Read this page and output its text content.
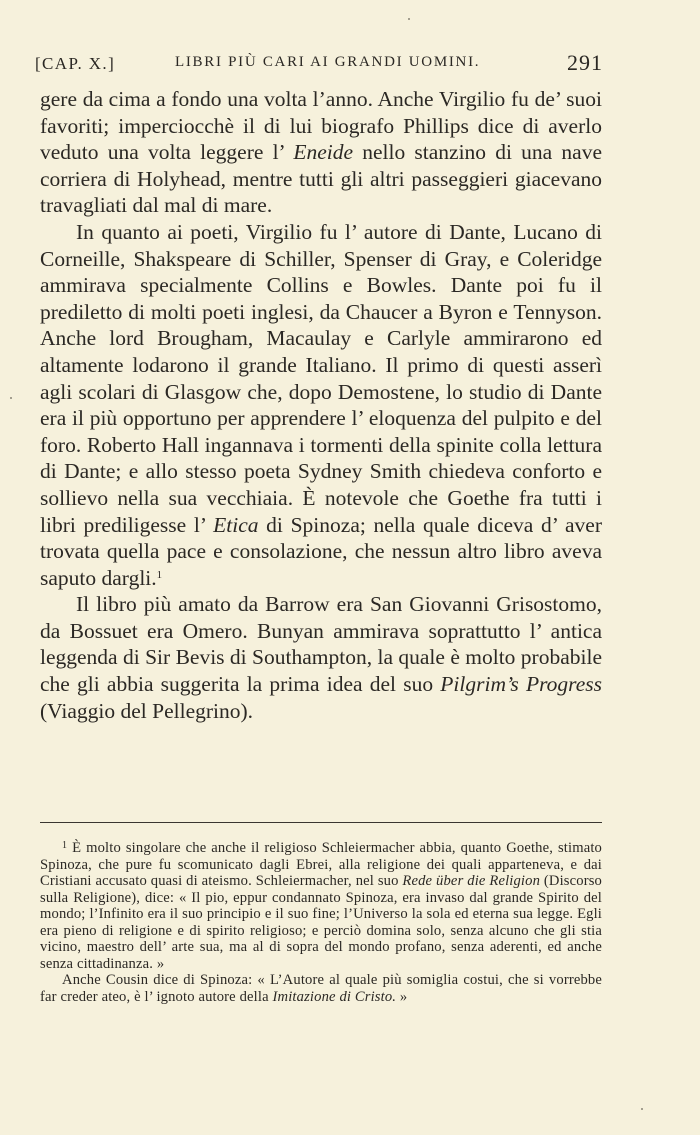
[CAP. X.]	LIBRI PIÙ CARI AI GRANDI UOMINI.	291

gere da cima a fondo una volta l’anno. Anche Virgilio fu de’ suoi favoriti; imperciocchè il di lui biografo Phillips dice di averlo veduto una volta leggere l’ Eneide nello stanzino di una nave corriera di Holyhead, mentre tutti gli altri passeggieri giacevano travagliati dal mal di mare.

In quanto ai poeti, Virgilio fu l’ autore di Dante, Lucano di Corneille, Shakspeare di Schiller, Spenser di Gray, e Coleridge ammirava specialmente Collins e Bowles. Dante poi fu il prediletto di molti poeti inglesi, da Chaucer a Byron e Tennyson. Anche lord Brougham, Macaulay e Carlyle ammirarono ed altamente lodarono il grande Italiano. Il primo di questi asserì agli scolari di Glasgow che, dopo Demostene, lo studio di Dante era il più opportuno per apprendere l’ eloquenza del pulpito e del foro. Roberto Hall ingannava i tormenti della spinite colla lettura di Dante; e allo stesso poeta Sydney Smith chiedeva conforto e sollievo nella sua vecchiaia. È notevole che Goethe fra tutti i libri prediligesse l’ Etica di Spinoza; nella quale diceva d’ aver trovata quella pace e consolazione, che nessun altro libro aveva saputo dargli.$^1$

Il libro più amato da Barrow era San Giovanni Grisostomo, da Bossuet era Omero. Bunyan ammirava soprattutto l’ antica leggenda di Sir Bevis di Southampton, la quale è molto probabile che gli abbia suggerita la prima idea del suo Pilgrim’s Progress (Viaggio del Pellegrino).

$^1$ È molto singolare che anche il religioso Schleiermacher abbia, quanto Goethe, stimato Spinoza, che pure fu scomunicato dagli Ebrei, alla religione dei quali apparteneva, e dai Cristiani accusato quasi di ateismo. Schleiermacher, nel suo Rede über die Religion (Discorso sulla Religione), dice: « Il pio, eppur condannato Spinoza, era invaso dal grande Spirito del mondo; l’Infinito era il suo principio e il suo fine; l’Universo la sola ed eterna sua legge. Egli era pieno di religione e di spirito religioso; e perciò domina solo, senza alcuno che gli stia vicino, maestro dell’ arte sua, ma al di sopra del mondo profano, senza aderenti, ed anche senza cittadinanza. »

Anche Cousin dice di Spinoza: « L’Autore al quale più somiglia costui, che si vorrebbe far creder ateo, è l’ ignoto autore della Imitazione di Cristo. »
